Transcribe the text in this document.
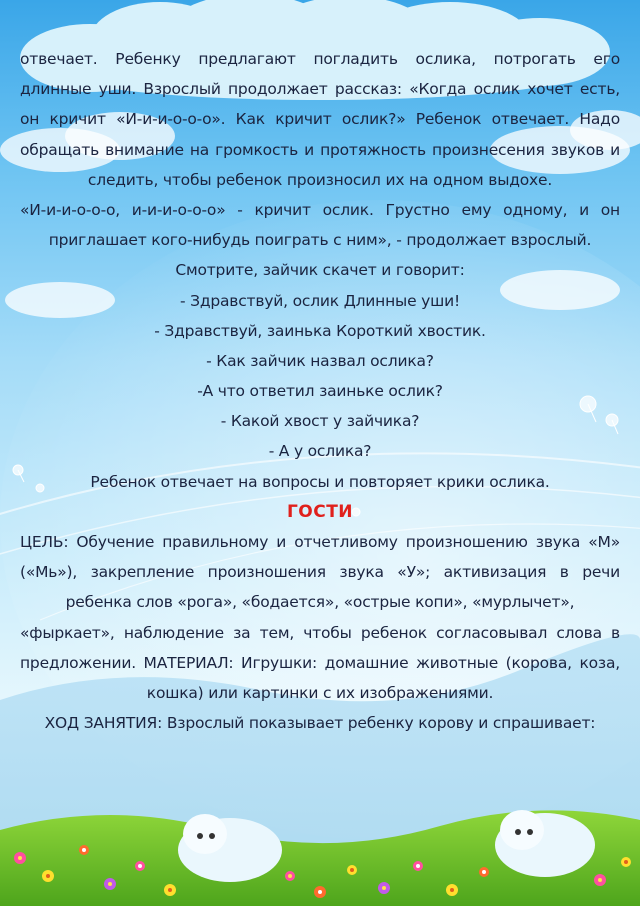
отвечает. Ребенку предлагают погладить ослика, потрогать его
длинные уши. Взрослый продолжает рассказ: «Когда ослик хочет есть,
он кричит «И-и-и-о-о-о». Как кричит ослик?» Ребенок отвечает. Надо
обращать внимание на громкость и протяжность произнесения звуков и
следить, чтобы ребенок произносил их на одном выдохе.
«И-и-и-о-о-о, и-и-и-о-о-о» - кричит ослик. Грустно ему одному, и он
приглашает кого-нибудь поиграть с ним», - продолжает взрослый.
Смотрите, зайчик скачет и говорит:
- Здравствуй, ослик Длинные уши!
- Здравствуй, заинька Короткий хвостик.
- Как зайчик назвал ослика?
-А что ответил заиньке ослик?
- Какой хвост у зайчика?
- А у ослика?
Ребенок отвечает на вопросы и повторяет крики ослика.
ГОСТИ
ЦЕЛЬ: Обучение правильному и отчетливому произношению звука «М»
(«Мь»), закрепление произношения звука «У»; активизация в речи
ребенка слов «рога», «бодается», «острые копи», «мурлычет»,
«фыркает», наблюдение за тем, чтобы ребенок согласовывал слова в
предложении. МАТЕРИАЛ: Игрушки: домашние животные (корова, коза,
кошка) или картинки с их изображениями.
ХОД ЗАНЯТИЯ: Взрослый показывает ребенку корову и спрашивает:
